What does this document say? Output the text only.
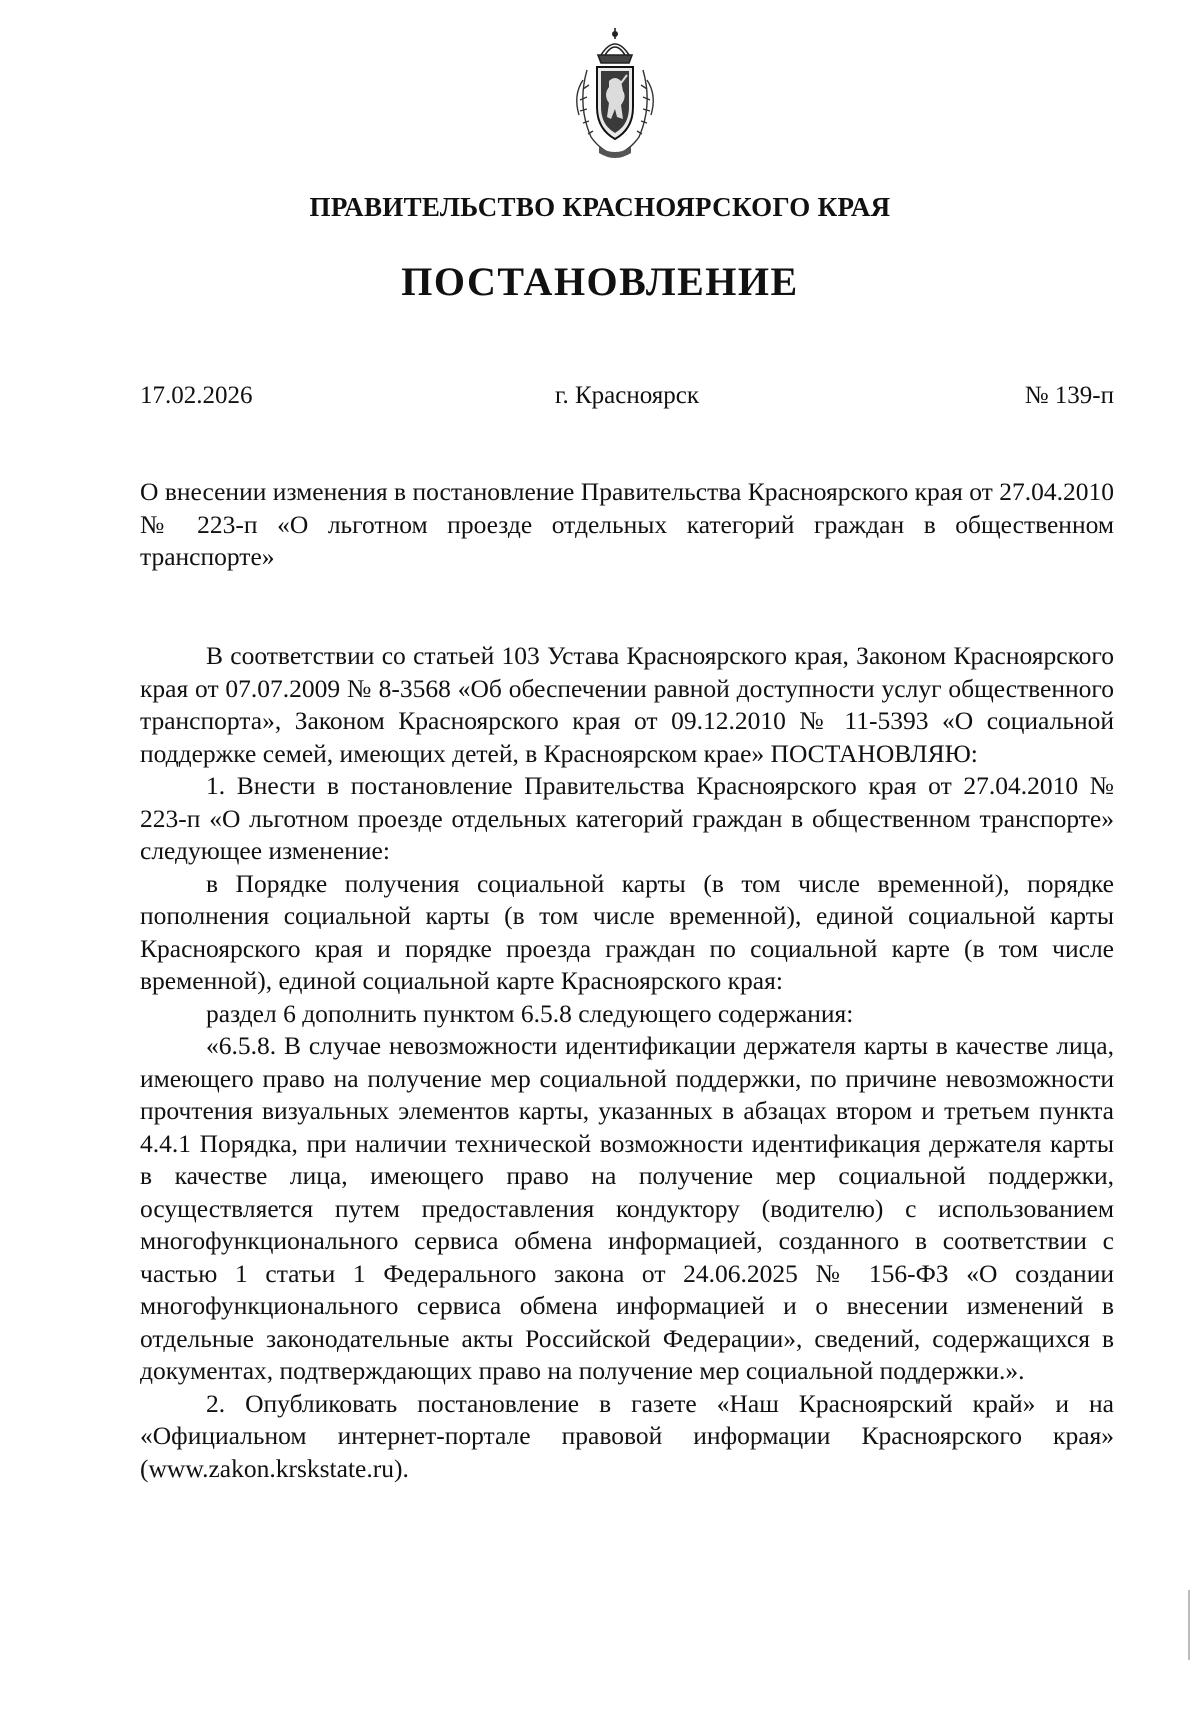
ПРАВИТЕЛЬСТВО КРАСНОЯРСКОГО КРАЯ
ПОСТАНОВЛЕНИЕ
г. Красноярск
17.02.2026	№ 139-п
О внесении изменения в постановление Правительства Красноярского края от 27.04.2010 № 223-п «О льготном проезде отдельных категорий граждан в общественном транспорте»

В соответствии со статьей 103 Устава Красноярского края, Законом Красноярского края от 07.07.2009 № 8-3568 «Об обеспечении равной доступности услуг общественного транспорта», Законом Красноярского края от 09.12.2010 № 11-5393 «О социальной поддержке семей, имеющих детей, в Красноярском крае» ПОСТАНОВЛЯЮ:

1. Внести в постановление Правительства Красноярского края от 27.04.2010 № 223-п «О льготном проезде отдельных категорий граждан в общественном транспорте» следующее изменение:

в Порядке получения социальной карты (в том числе временной), порядке пополнения социальной карты (в том числе временной), единой социальной карты Красноярского края и порядке проезда граждан по социальной карте (в том числе временной), единой социальной карте Красноярского края:

раздел 6 дополнить пунктом 6.5.8 следующего содержания:

«6.5.8. В случае невозможности идентификации держателя карты в качестве лица, имеющего право на получение мер социальной поддержки, по причине невозможности прочтения визуальных элементов карты, указанных в абзацах втором и третьем пункта 4.4.1 Порядка, при наличии технической возможности идентификация держателя карты в качестве лица, имеющего право на получение мер социальной поддержки, осуществляется путем предоставления кондуктору (водителю) с использованием многофункционального сервиса обмена информацией, созданного в соответствии с частью 1 статьи 1 Федерального закона от 24.06.2025 № 156-ФЗ «О создании многофункционального сервиса обмена информацией и о внесении изменений в отдельные законодательные акты Российской Федерации», сведений, содержащихся в документах, подтверждающих право на получение мер социальной поддержки.».

2. Опубликовать постановление в газете «Наш Красноярский край» и на «Официальном интернет-портале правовой информации Красноярского края» (www.zakon.krskstate.ru).
